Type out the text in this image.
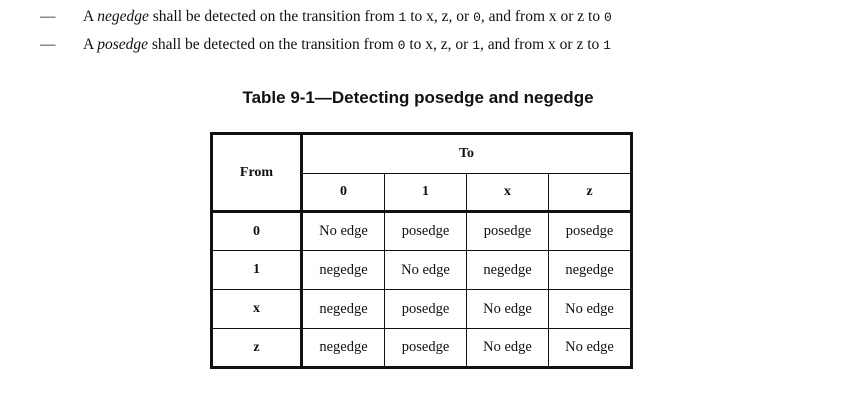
— A negedge shall be detected on the transition from 1 to x, z, or 0, and from x or z to 0
— A posedge shall be detected on the transition from 0 to x, z, or 1, and from x or z to 1
Table 9-1—Detecting posedge and negedge
From	To			
	0	1	x	z
0	No edge	posedge	posedge	posedge
1	negedge	No edge	negedge	negedge
x	negedge	posedge	No edge	No edge
z	negedge	posedge	No edge	No edge
